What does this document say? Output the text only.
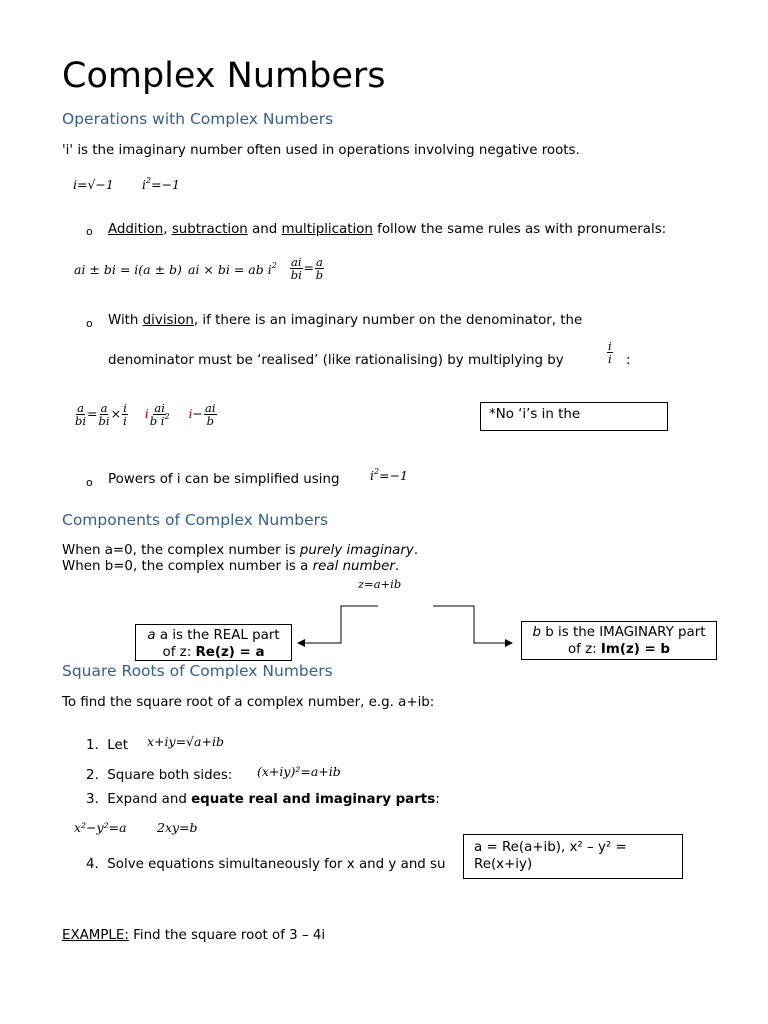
Complex Numbers
Operations with Complex Numbers
'i' is the imaginary number often used in operations involving negative roots.
i=√−1 $i^2=-1$
o Addition, subtraction and multiplication follow the same rules as with pronumerals:
ai ± bi = i(a ± b) ai × bi = ab $i^2 \frac{ai}{bi} = \frac{a}{b}$
o With division, if there is an imaginary number on the denominator, the
denominator must be ‘realised’ (like rationalising) by multiplying by	$\frac{i}{i}$ :
$\frac{a}{bi} = \frac{a}{bi} \times \frac{i}{i}$ i $\frac{ai}{b i^2} i- \frac{ai}{b}$	*No ‘i’s in the
o Powers of i can be simplified using $i^2=-1$
Components of Complex Numbers
When a=0, the complex number is purely imaginary.
When b=0, the complex number is a real number.
z=a+ib
a a is the REAL part
of z: Re(z) = a
b b is the IMAGINARY part
of z: Im(z) = b
Square Roots of Complex Numbers
To find the square root of a complex number, e.g. a+ib:
1. Let x+iy=√a+ib
2. Square both sides: (x+iy)²=a+ib
3. Expand and equate real and imaginary parts:
x²−y²=a 2xy=b
4. Solve equations simultaneously for x and y and su
a = Re(a+ib), x² – y² = Re(x+iy)
EXAMPLE: Find the square root of 3 – 4i
